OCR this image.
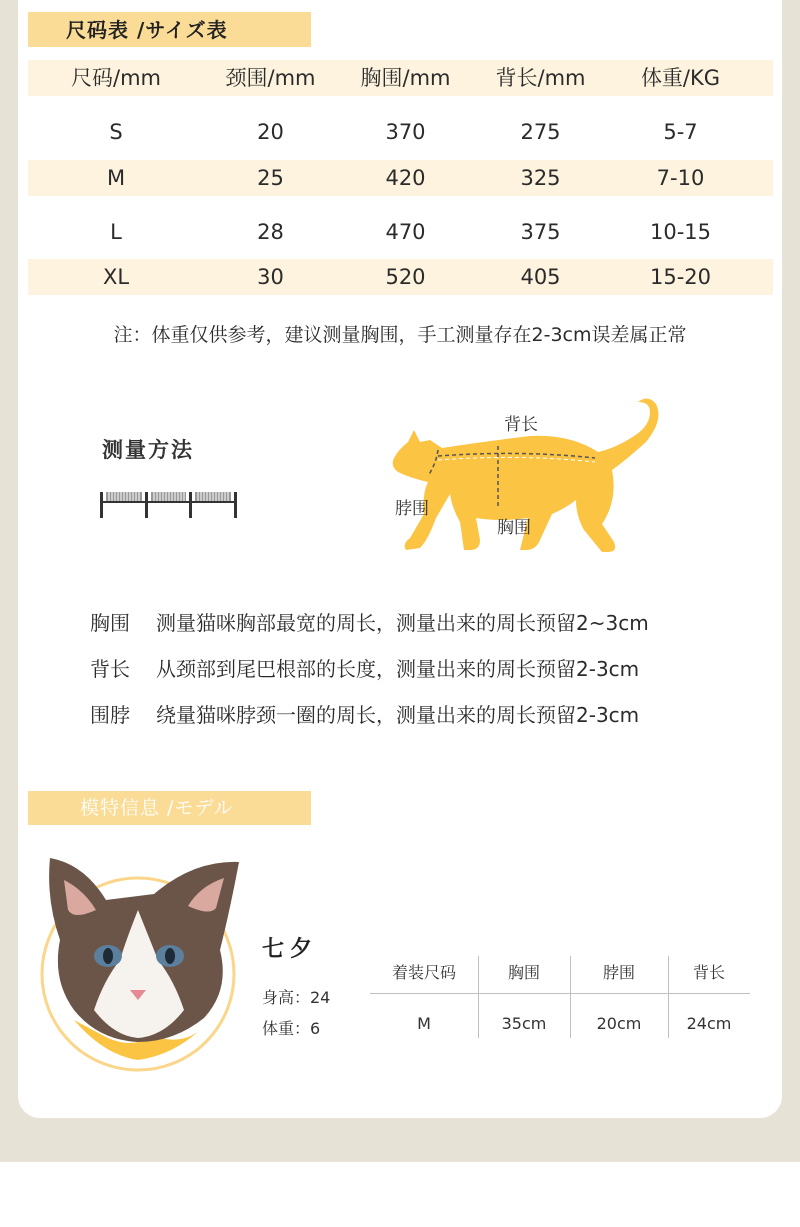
尺码表 /サイズ表
尺码/mm	颈围/mm	胸围/mm	背长/mm	体重/KG
S	20	370	275	5-7
M	25	420	325	7-10
L	28	470	375	10-15
XL	30	520	405	15-20
注：体重仅供参考，建议测量胸围，手工测量存在2-3cm误差属正常
测量方法
背长
脖围
胸围
胸围 测量猫咪胸部最宽的周长，测量出来的周长预留2~3cm
背长 从颈部到尾巴根部的长度，测量出来的周长预留2-3cm
围脖 绕量猫咪脖颈一圈的周长，测量出来的周长预留2-3cm
模特信息 /モデル
七夕
身高：24
体重：6
着装尺码	胸围	脖围	背长
M	35cm	20cm	24cm
